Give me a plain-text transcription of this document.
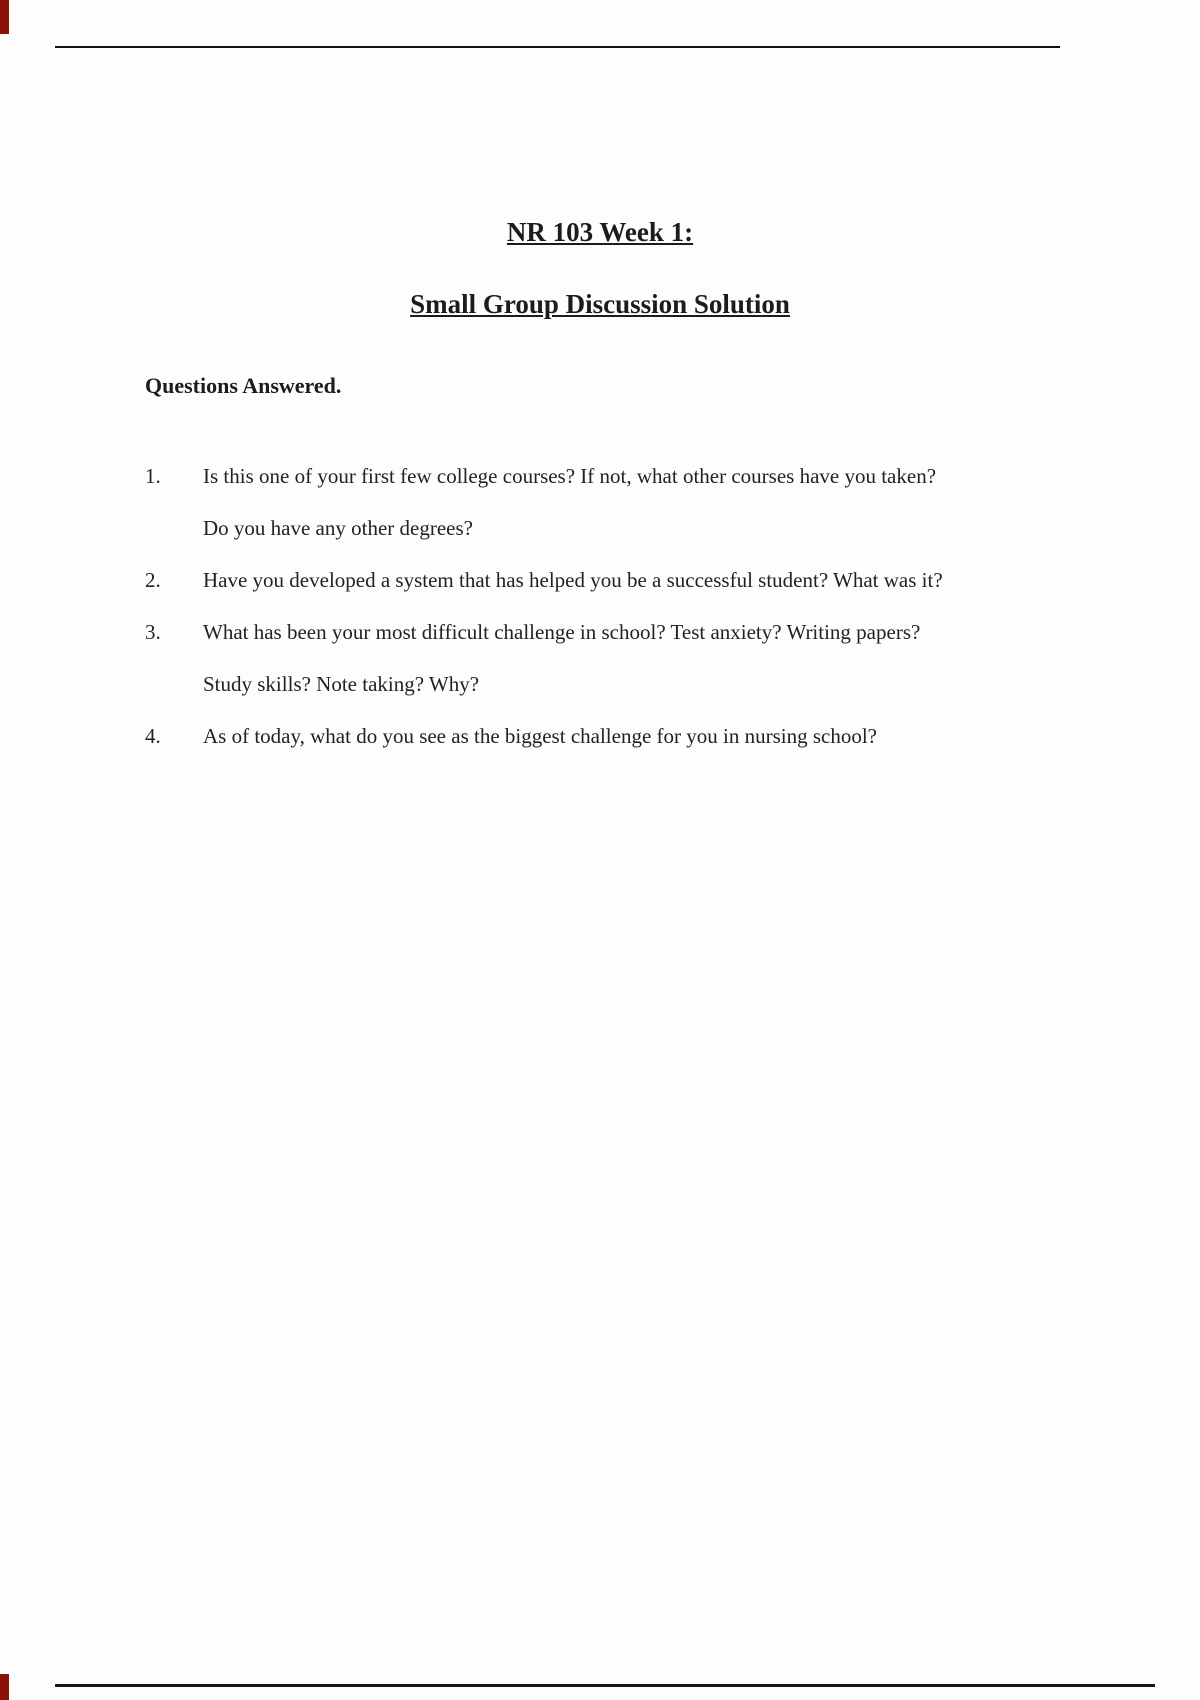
NR 103 Week 1:
Small Group Discussion Solution
Questions Answered.
1. Is this one of your first few college courses? If not, what other courses have you taken?
Do you have any other degrees?
2. Have you developed a system that has helped you be a successful student? What was it?
3. What has been your most difficult challenge in school? Test anxiety? Writing papers?
Study skills? Note taking? Why?
4. As of today, what do you see as the biggest challenge for you in nursing school?
